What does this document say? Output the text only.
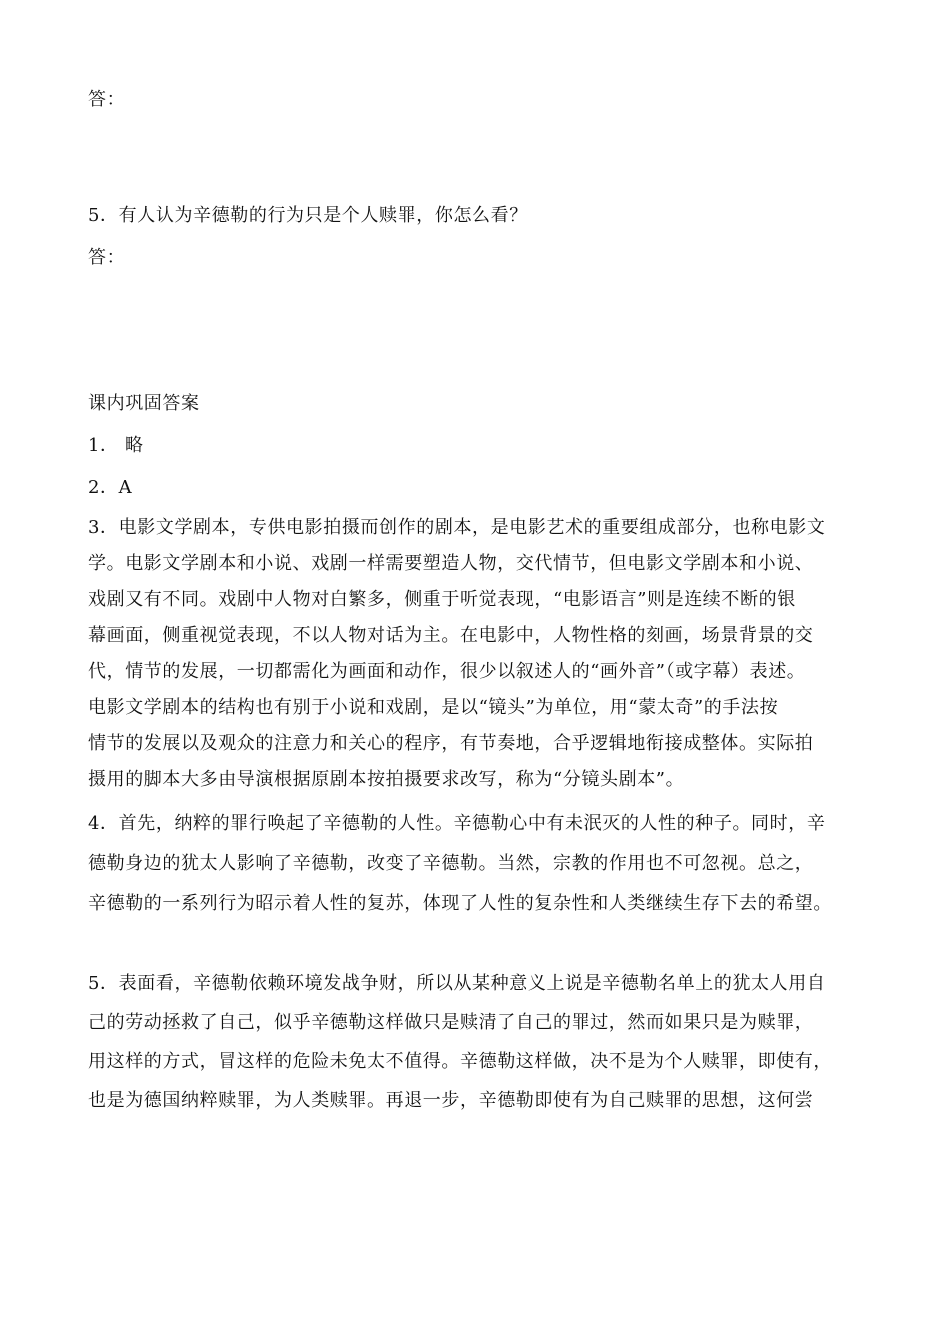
答：
5．有人认为辛德勒的行为只是个人赎罪，你怎么看？
答：
课内巩固答案
1． 略
2．A
3．电影文学剧本，专供电影拍摄而创作的剧本，是电影艺术的重要组成部分，也称电影文
学。电影文学剧本和小说、戏剧一样需要塑造人物，交代情节，但电影文学剧本和小说、
戏剧又有不同。戏剧中人物对白繁多，侧重于听觉表现，“电影语言”则是连续不断的银
幕画面，侧重视觉表现，不以人物对话为主。在电影中，人物性格的刻画，场景背景的交
代，情节的发展，一切都需化为画面和动作，很少以叙述人的“画外音”（或字幕）表述。
电影文学剧本的结构也有别于小说和戏剧，是以“镜头”为单位，用“蒙太奇”的手法按
情节的发展以及观众的注意力和关心的程序，有节奏地，合乎逻辑地衔接成整体。实际拍
摄用的脚本大多由导演根据原剧本按拍摄要求改写，称为“分镜头剧本”。
4．首先，纳粹的罪行唤起了辛德勒的人性。辛德勒心中有未泯灭的人性的种子。同时，辛
德勒身边的犹太人影响了辛德勒，改变了辛德勒。当然，宗教的作用也不可忽视。总之，
辛德勒的一系列行为昭示着人性的复苏，体现了人性的复杂性和人类继续生存下去的希望。
5．表面看，辛德勒依赖环境发战争财，所以从某种意义上说是辛德勒名单上的犹太人用自
己的劳动拯救了自己，似乎辛德勒这样做只是赎清了自己的罪过，然而如果只是为赎罪，
用这样的方式，冒这样的危险未免太不值得。辛德勒这样做，决不是为个人赎罪，即使有，
也是为德国纳粹赎罪，为人类赎罪。再退一步，辛德勒即使有为自己赎罪的思想，这何尝
